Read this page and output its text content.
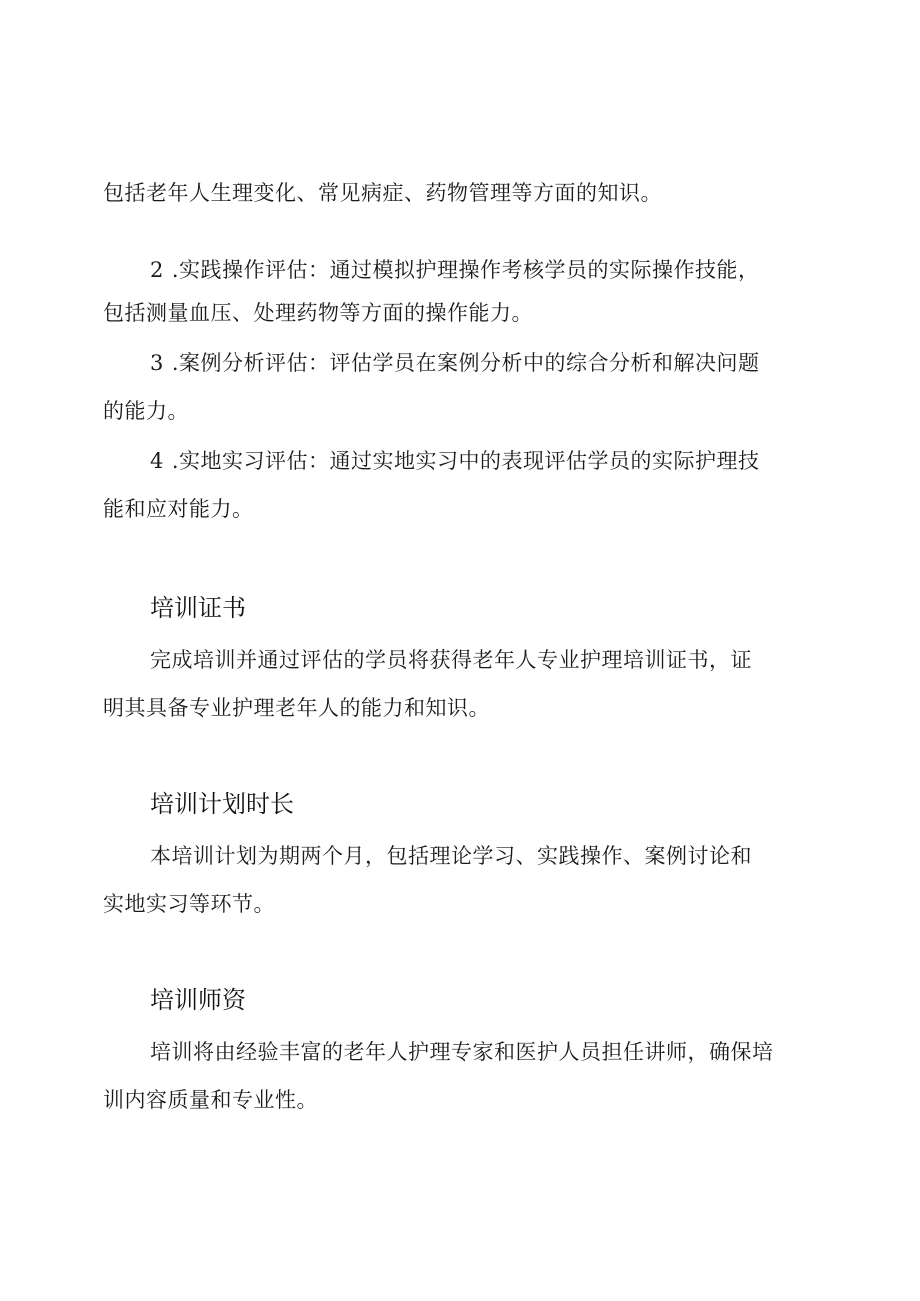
包括老年人生理变化、常见病症、药物管理等方面的知识。
2 .实践操作评估：通过模拟护理操作考核学员的实际操作技能，
包括测量血压、处理药物等方面的操作能力。
3 .案例分析评估：评估学员在案例分析中的综合分析和解决问题
的能力。
4 .实地实习评估：通过实地实习中的表现评估学员的实际护理技
能和应对能力。
培训证书
完成培训并通过评估的学员将获得老年人专业护理培训证书，证
明其具备专业护理老年人的能力和知识。
培训计划时长
本培训计划为期两个月，包括理论学习、实践操作、案例讨论和
实地实习等环节。
培训师资
培训将由经验丰富的老年人护理专家和医护人员担任讲师，确保培
训内容质量和专业性。
